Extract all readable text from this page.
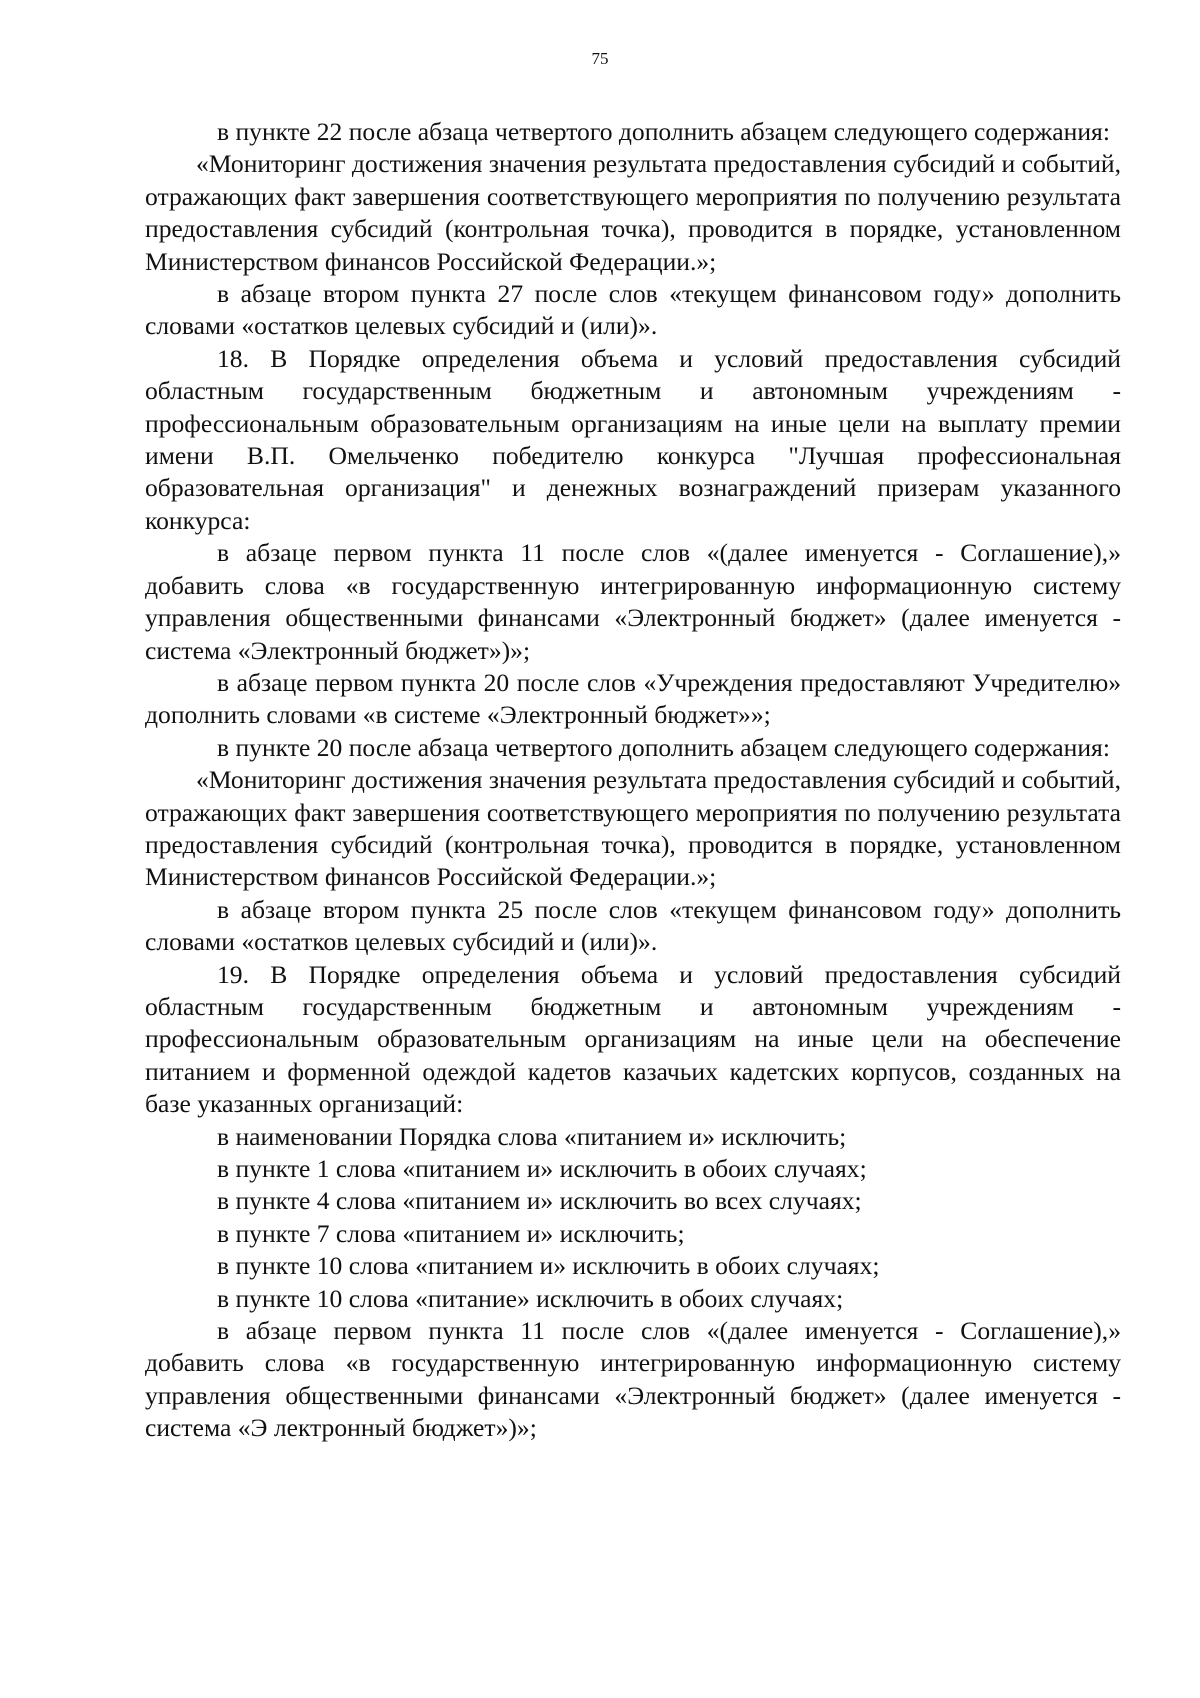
75

в пункте 22 после абзаца четвертого дополнить абзацем следующего содержания:

«Мониторинг достижения значения результата предоставления субсидий и событий, отражающих факт завершения соответствующего мероприятия по получению результата предоставления субсидий (контрольная точка), проводится в порядке, установленном Министерством финансов Российской Федерации.»;

в абзаце втором пункта 27 после слов «текущем финансовом году» дополнить словами «остатков целевых субсидий и (или)».

18. В Порядке определения объема и условий предоставления субсидий областным государственным бюджетным и автономным учреждениям - профессиональным образовательным организациям на иные цели на выплату премии имени В.П. Омельченко победителю конкурса "Лучшая профессиональная образовательная организация" и денежных вознаграждений призерам указанного конкурса:

в абзаце первом пункта 11 после слов «(далее именуется - Соглашение),» добавить слова «в государственную интегрированную информационную систему управления общественными финансами «Электронный бюджет» (далее именуется - система «Электронный бюджет»)»;

в абзаце первом пункта 20 после слов «Учреждения предоставляют Учредителю» дополнить словами «в системе «Электронный бюджет»»;

в пункте 20 после абзаца четвертого дополнить абзацем следующего содержания:

«Мониторинг достижения значения результата предоставления субсидий и событий, отражающих факт завершения соответствующего мероприятия по получению результата предоставления субсидий (контрольная точка), проводится в порядке, установленном Министерством финансов Российской Федерации.»;

в абзаце втором пункта 25 после слов «текущем финансовом году» дополнить словами «остатков целевых субсидий и (или)».

19. В Порядке определения объема и условий предоставления субсидий областным государственным бюджетным и автономным учреждениям - профессиональным образовательным организациям на иные цели на обеспечение питанием и форменной одеждой кадетов казачьих кадетских корпусов, созданных на базе указанных организаций:

в наименовании Порядка слова «питанием и» исключить;

в пункте 1 слова «питанием и» исключить в обоих случаях;

в пункте 4 слова «питанием и» исключить во всех случаях;

в пункте 7 слова «питанием и» исключить;

в пункте 10 слова «питанием и» исключить в обоих случаях;

в пункте 10 слова «питание» исключить в обоих случаях;

в абзаце первом пункта 11 после слов «(далее именуется - Соглашение),» добавить слова «в государственную интегрированную информационную систему управления общественными финансами «Электронный бюджет» (далее именуется - система «Э лектронный бюджет»)»;
